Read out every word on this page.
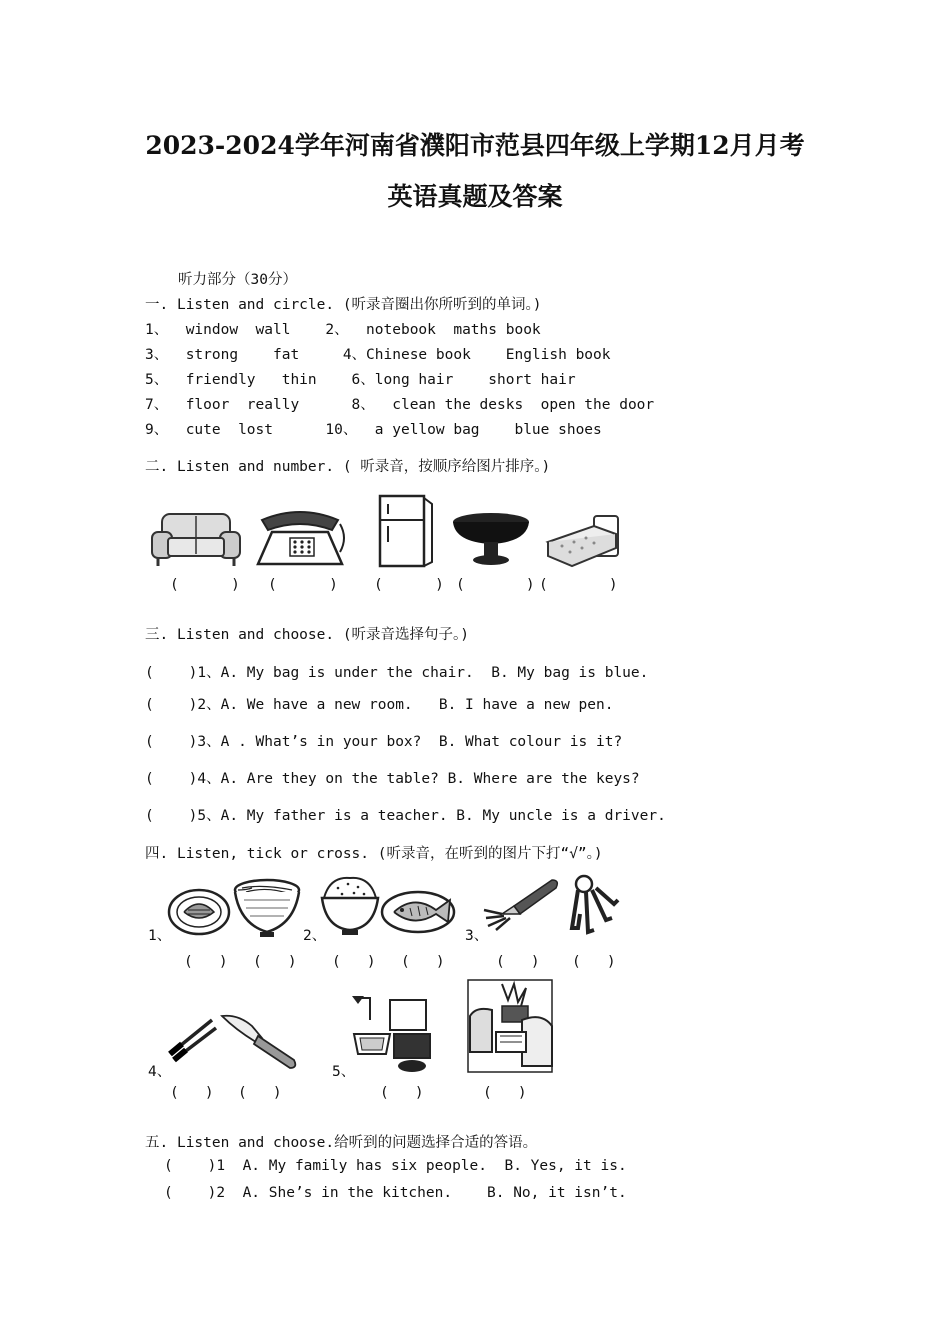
2023-2024学年河南省濮阳市范县四年级上学期12月月考
英语真题及答案
听力部分（30分）
一. Listen and circle. (听录音圈出你所听到的单词。)
1、  window  wall    2、  notebook  maths book
3、  strong    fat     4、Chinese book    English book
5、  friendly   thin    6、long hair    short hair
7、  floor  really      8、  clean the desks  open the door
9、  cute  lost      10、  a yellow bag    blue shoes
二. Listen and number. ( 听录音，按顺序给图片排序。)
(      ) (      ) (      ) (       ) (       )
三. Listen and choose. (听录音选择句子。)
(    )1、A. My bag is under the chair.  B. My bag is blue.
(    )2、A. We have a new room.   B. I have a new pen.
(    )3、A . What’s in your box?  B. What colour is it?
(    )4、A. Are they on the table? B. Where are the keys?
(    )5、A. My father is a teacher. B. My uncle is a driver.
四. Listen, tick or cross. (听录音，在听到的图片下打“√”。)
1、	2、	3、
(   ) (   ) (   ) (   )	(   ) (   )
4、	5、
(   ) (   )	(   )	(   )
五. Listen and choose.给听到的问题选择合适的答语。
(    )1  A. My family has six people.  B. Yes, it is.
(    )2  A. She’s in the kitchen.    B. No, it isn’t.
